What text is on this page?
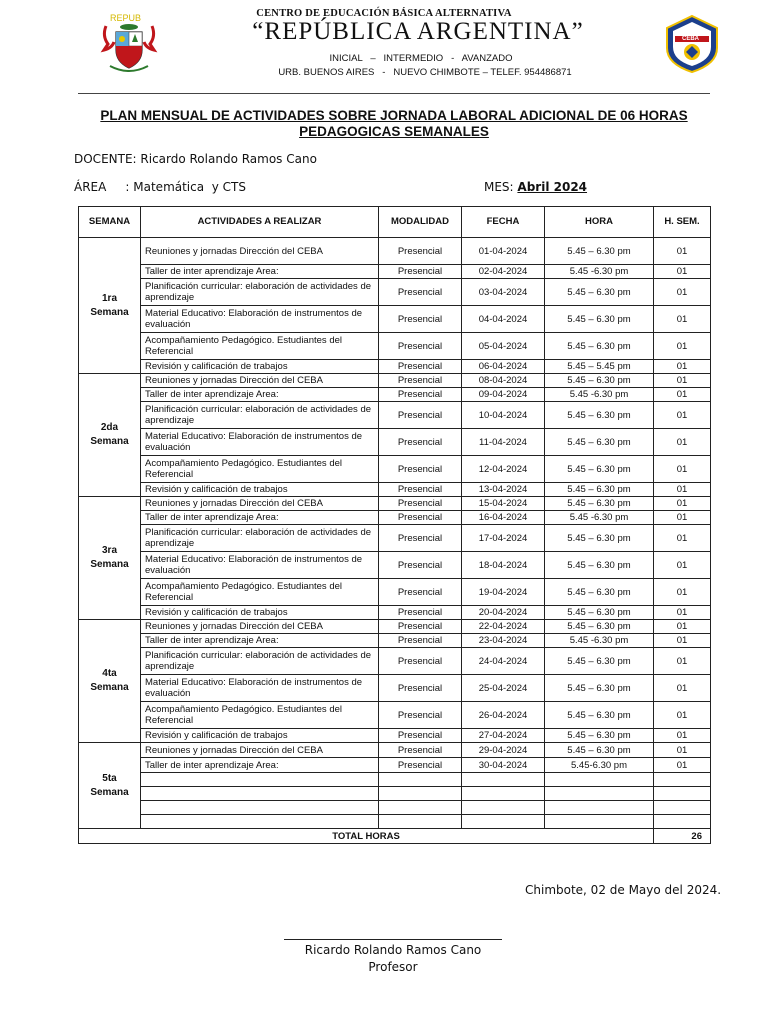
REPUB	CENTRO DE EDUCACIÓN BÁSICA ALTERNATIVA
“REPÚBLICA ARGENTINA”
INICIAL   –   INTERMEDIO   -   AVANZADO
URB. BUENOS AIRES   -   NUEVO CHIMBOTE – TELEF. 954486871
CEBA
PLAN MENSUAL DE ACTIVIDADES SOBRE JORNADA LABORAL ADICIONAL DE 06 HORAS PEDAGOGICAS SEMANALES
DOCENTE: Ricardo Rolando Ramos Cano
ÁREA     : Matemática  y CTS	MES: Abril 2024
SEMANA	ACTIVIDADES A REALIZAR	MODALIDAD	FECHA	HORA	H. SEM.
1ra Semana	Reuniones y jornadas Dirección del CEBA	Presencial	01-04-2024	5.45 – 6.30 pm	01
	Taller de inter aprendizaje Area:	Presencial	02-04-2024	5.45 -6.30 pm	01
	Planificación curricular: elaboración de actividades de aprendizaje	Presencial	03-04-2024	5.45 – 6.30 pm	01
	Material Educativo: Elaboración de instrumentos de evaluación	Presencial	04-04-2024	5.45 – 6.30 pm	01
	Acompañamiento Pedagógico. Estudiantes del Referencial	Presencial	05-04-2024	5.45 – 6.30 pm	01
	Revisión y calificación de trabajos	Presencial	06-04-2024	5.45 – 5.45 pm	01
2da Semana	Reuniones y jornadas Dirección del CEBA	Presencial	08-04-2024	5.45 – 6.30 pm	01
	Taller de inter aprendizaje Area:	Presencial	09-04-2024	5.45 -6.30 pm	01
	Planificación curricular: elaboración de actividades de aprendizaje	Presencial	10-04-2024	5.45 – 6.30 pm	01
	Material Educativo: Elaboración de instrumentos de evaluación	Presencial	11-04-2024	5.45 – 6.30 pm	01
	Acompañamiento Pedagógico. Estudiantes del Referencial	Presencial	12-04-2024	5.45 – 6.30 pm	01
	Revisión y calificación de trabajos	Presencial	13-04-2024	5.45 – 6.30 pm	01
3ra Semana	Reuniones y jornadas Dirección del CEBA	Presencial	15-04-2024	5.45 – 6.30 pm	01
	Taller de inter aprendizaje Area:	Presencial	16-04-2024	5.45 -6.30 pm	01
	Planificación curricular: elaboración de actividades de aprendizaje	Presencial	17-04-2024	5.45 – 6.30 pm	01
	Material Educativo: Elaboración de instrumentos de evaluación	Presencial	18-04-2024	5.45 – 6.30 pm	01
	Acompañamiento Pedagógico. Estudiantes del Referencial	Presencial	19-04-2024	5.45 – 6.30 pm	01
	Revisión y calificación de trabajos	Presencial	20-04-2024	5.45 – 6.30 pm	01
4ta Semana	Reuniones y jornadas Dirección del CEBA	Presencial	22-04-2024	5.45 – 6.30 pm	01
	Taller de inter aprendizaje Area:	Presencial	23-04-2024	5.45 -6.30 pm	01
	Planificación curricular: elaboración de actividades de aprendizaje	Presencial	24-04-2024	5.45 – 6.30 pm	01
	Material Educativo: Elaboración de instrumentos de evaluación	Presencial	25-04-2024	5.45 – 6.30 pm	01
	Acompañamiento Pedagógico. Estudiantes del Referencial	Presencial	26-04-2024	5.45 – 6.30 pm	01
	Revisión y calificación de trabajos	Presencial	27-04-2024	5.45 – 6.30 pm	01
5ta Semana	Reuniones y jornadas Dirección del CEBA	Presencial	29-04-2024	5.45 – 6.30 pm	01
	Taller de inter aprendizaje Area:	Presencial	30-04-2024	5.45-6.30 pm	01

TOTAL HORAS					26
Chimbote, 02 de Mayo del 2024.
Ricardo Rolando Ramos Cano
Profesor
